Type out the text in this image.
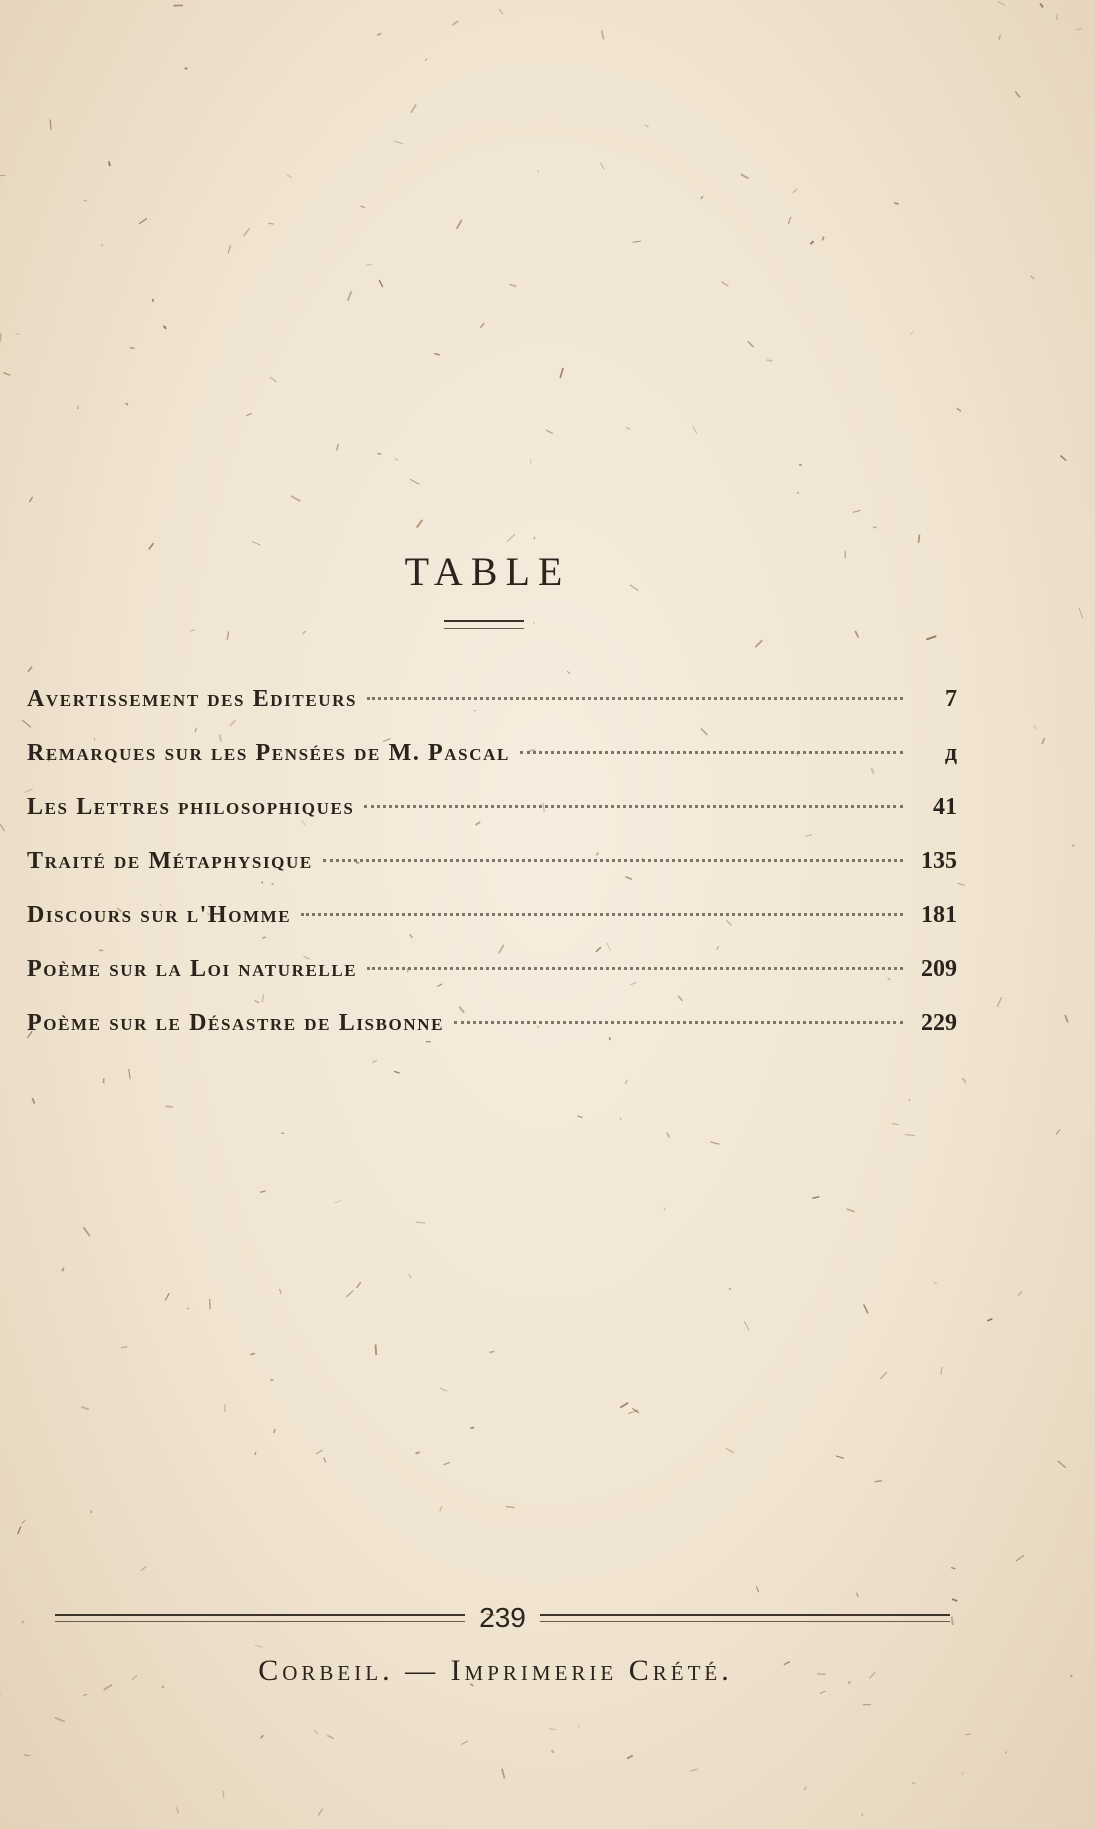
TABLE
Avertissement des Editeurs	7
Remarques sur les Pensées de M. Pascal	д
Les Lettres philosophiques	41
Traité de Métaphysique	135
Discours sur l'Homme	181
Poème sur la Loi naturelle	209
Poème sur le Désastre de Lisbonne	229
239
Corbeil. — Imprimerie Crété.
